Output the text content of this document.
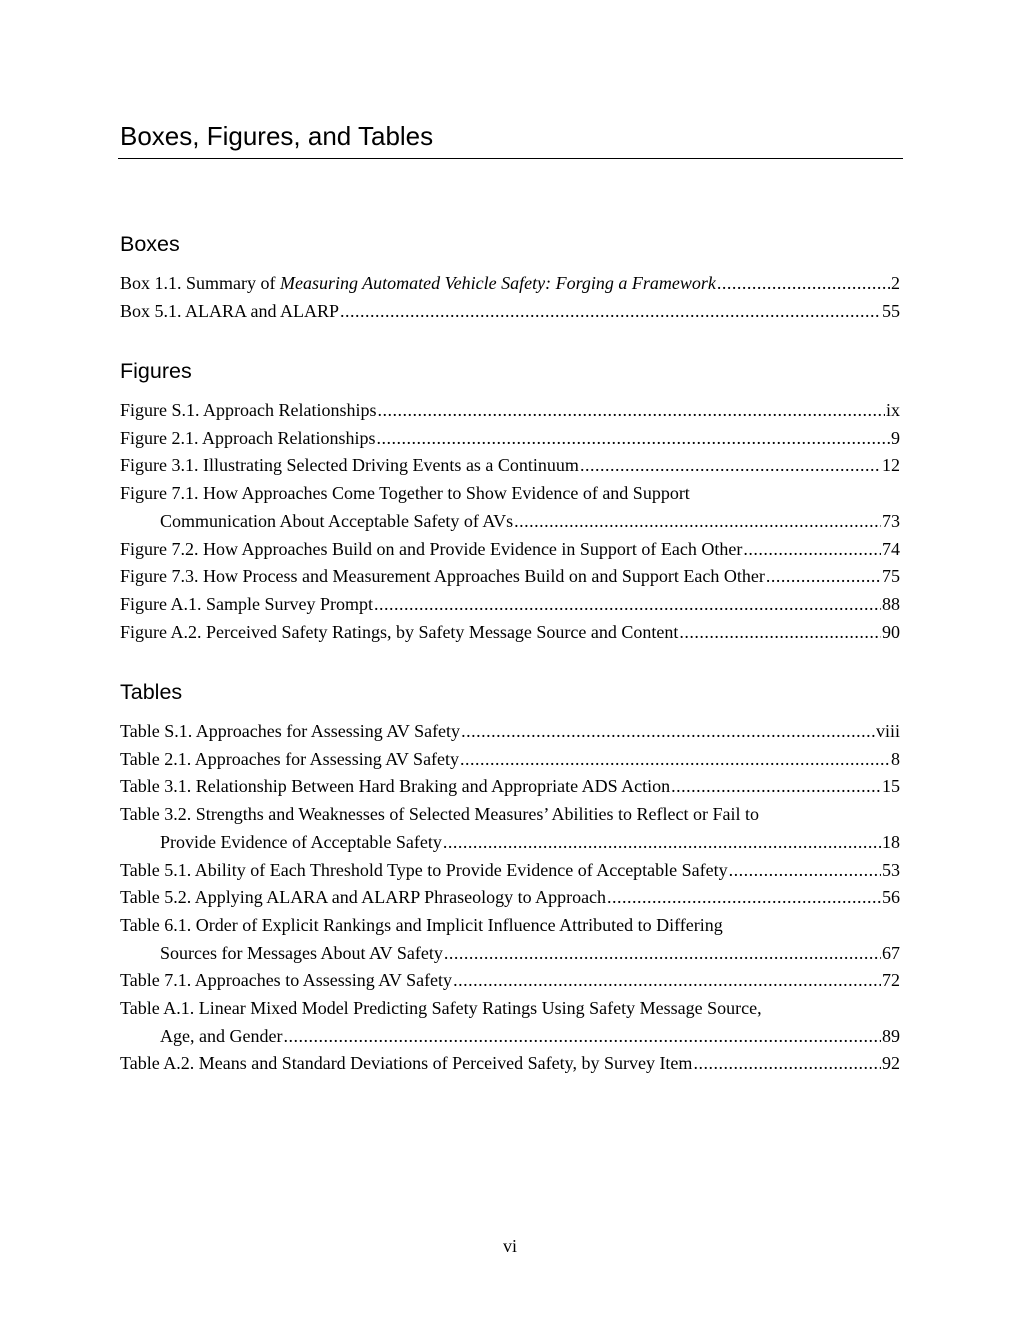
Boxes, Figures, and Tables
Boxes
Box 1.1. Summary of Measuring Automated Vehicle Safety: Forging a Framework .....	2
Box 5.1. ALARA and ALARP .....	55
Figures
Figure S.1. Approach Relationships .....	ix
Figure 2.1. Approach Relationships .....	9
Figure 3.1. Illustrating Selected Driving Events as a Continuum .....	12
Figure 7.1. How Approaches Come Together to Show Evidence of and Support
Communication About Acceptable Safety of AVs .....	73
Figure 7.2. How Approaches Build on and Provide Evidence in Support of Each Other .....	74
Figure 7.3. How Process and Measurement Approaches Build on and Support Each Other .....	75
Figure A.1. Sample Survey Prompt .....	88
Figure A.2. Perceived Safety Ratings, by Safety Message Source and Content .....	90
Tables
Table S.1. Approaches for Assessing AV Safety .....	viii
Table 2.1. Approaches for Assessing AV Safety .....	8
Table 3.1. Relationship Between Hard Braking and Appropriate ADS Action .....	15
Table 3.2. Strengths and Weaknesses of Selected Measures’ Abilities to Reflect or Fail to
Provide Evidence of Acceptable Safety .....	18
Table 5.1. Ability of Each Threshold Type to Provide Evidence of Acceptable Safety .....	53
Table 5.2. Applying ALARA and ALARP Phraseology to Approach .....	56
Table 6.1. Order of Explicit Rankings and Implicit Influence Attributed to Differing
Sources for Messages About AV Safety .....	67
Table 7.1. Approaches to Assessing AV Safety .....	72
Table A.1. Linear Mixed Model Predicting Safety Ratings Using Safety Message Source,
Age, and Gender .....	89
Table A.2. Means and Standard Deviations of Perceived Safety, by Survey Item .....	92
vi
